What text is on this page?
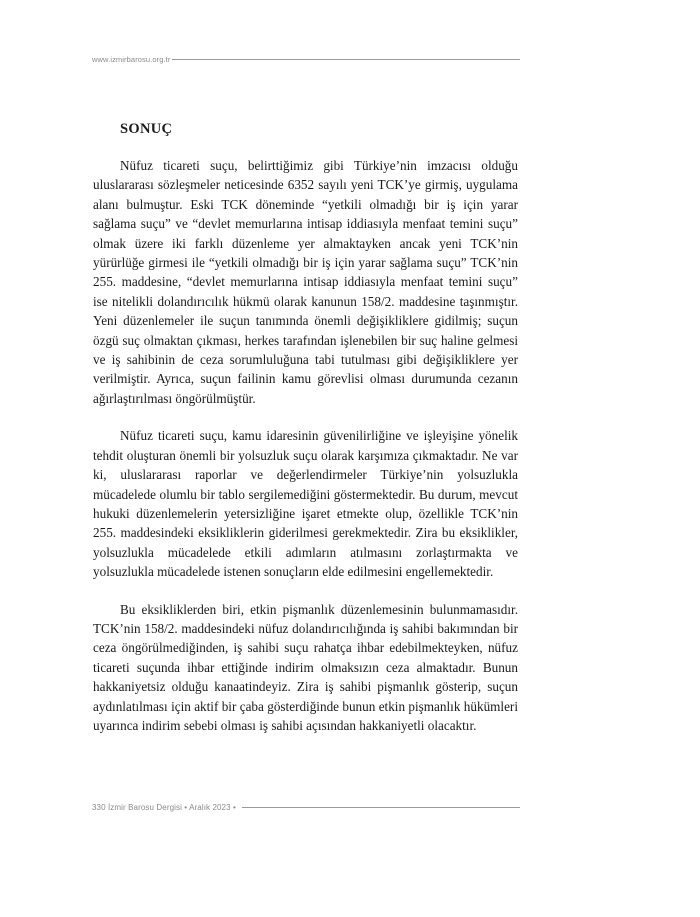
www.izmirbarosu.org.tr
SONUÇ

Nüfuz ticareti suçu, belirttiğimiz gibi Türkiye’nin imzacısı olduğu uluslararası sözleşmeler neticesinde 6352 sayılı yeni TCK’ye girmiş, uygulama alanı bulmuştur. Eski TCK döneminde “yetkili olmadığı bir iş için yarar sağlama suçu” ve “devlet memurlarına intisap iddiasıyla menfaat temini suçu” olmak üzere iki farklı düzenleme yer almaktayken ancak yeni TCK’nin yürürlüğe girmesi ile “yetkili olmadığı bir iş için yarar sağlama suçu” TCK’nin 255. maddesine, “devlet memurlarına intisap iddiasıyla menfaat temini suçu” ise nitelikli dolandırıcılık hükmü olarak kanunun 158/2. maddesine taşınmıştır. Yeni düzenlemeler ile suçun tanımında önemli değişikliklere gidilmiş; suçun özgü suç olmaktan çıkması, herkes tarafından işlenebilen bir suç haline gelmesi ve iş sahibinin de ceza sorumluluğuna tabi tutulması gibi değişikliklere yer verilmiştir. Ayrıca, suçun failinin kamu görevlisi olması durumunda cezanın ağırlaştırılması öngörülmüştür.

Nüfuz ticareti suçu, kamu idaresinin güvenilirliğine ve işleyişine yönelik tehdit oluşturan önemli bir yolsuzluk suçu olarak karşımıza çıkmaktadır. Ne var ki, uluslararası raporlar ve değerlendirmeler Türkiye’nin yolsuzlukla mücadelede olumlu bir tablo sergilemediğini göstermektedir. Bu durum, mevcut hukuki düzenlemelerin yetersizliğine işaret etmekte olup, özellikle TCK’nin 255. maddesindeki eksikliklerin giderilmesi gerekmektedir. Zira bu eksiklikler, yolsuzlukla mücadelede etkili adımların atılmasını zorlaştırmakta ve yolsuzlukla mücadelede istenen sonuçların elde edilmesini engellemektedir.

Bu eksikliklerden biri, etkin pişmanlık düzenlemesinin bulunmamasıdır. TCK’nin 158/2. maddesindeki nüfuz dolandırıcılığında iş sahibi bakımından bir ceza öngörülmediğinden, iş sahibi suçu rahatça ihbar edebilmekteyken, nüfuz ticareti suçunda ihbar ettiğinde indirim olmaksızın ceza almaktadır. Bunun hakkaniyetsiz olduğu kanaatindeyiz. Zira iş sahibi pişmanlık gösterip, suçun aydınlatılması için aktif bir çaba gösterdiğinde bunun etkin pişmanlık hükümleri uyarınca indirim sebebi olması iş sahibi açısından hakkaniyetli olacaktır.

330 İzmir Barosu Dergisi • Aralık 2023 •
